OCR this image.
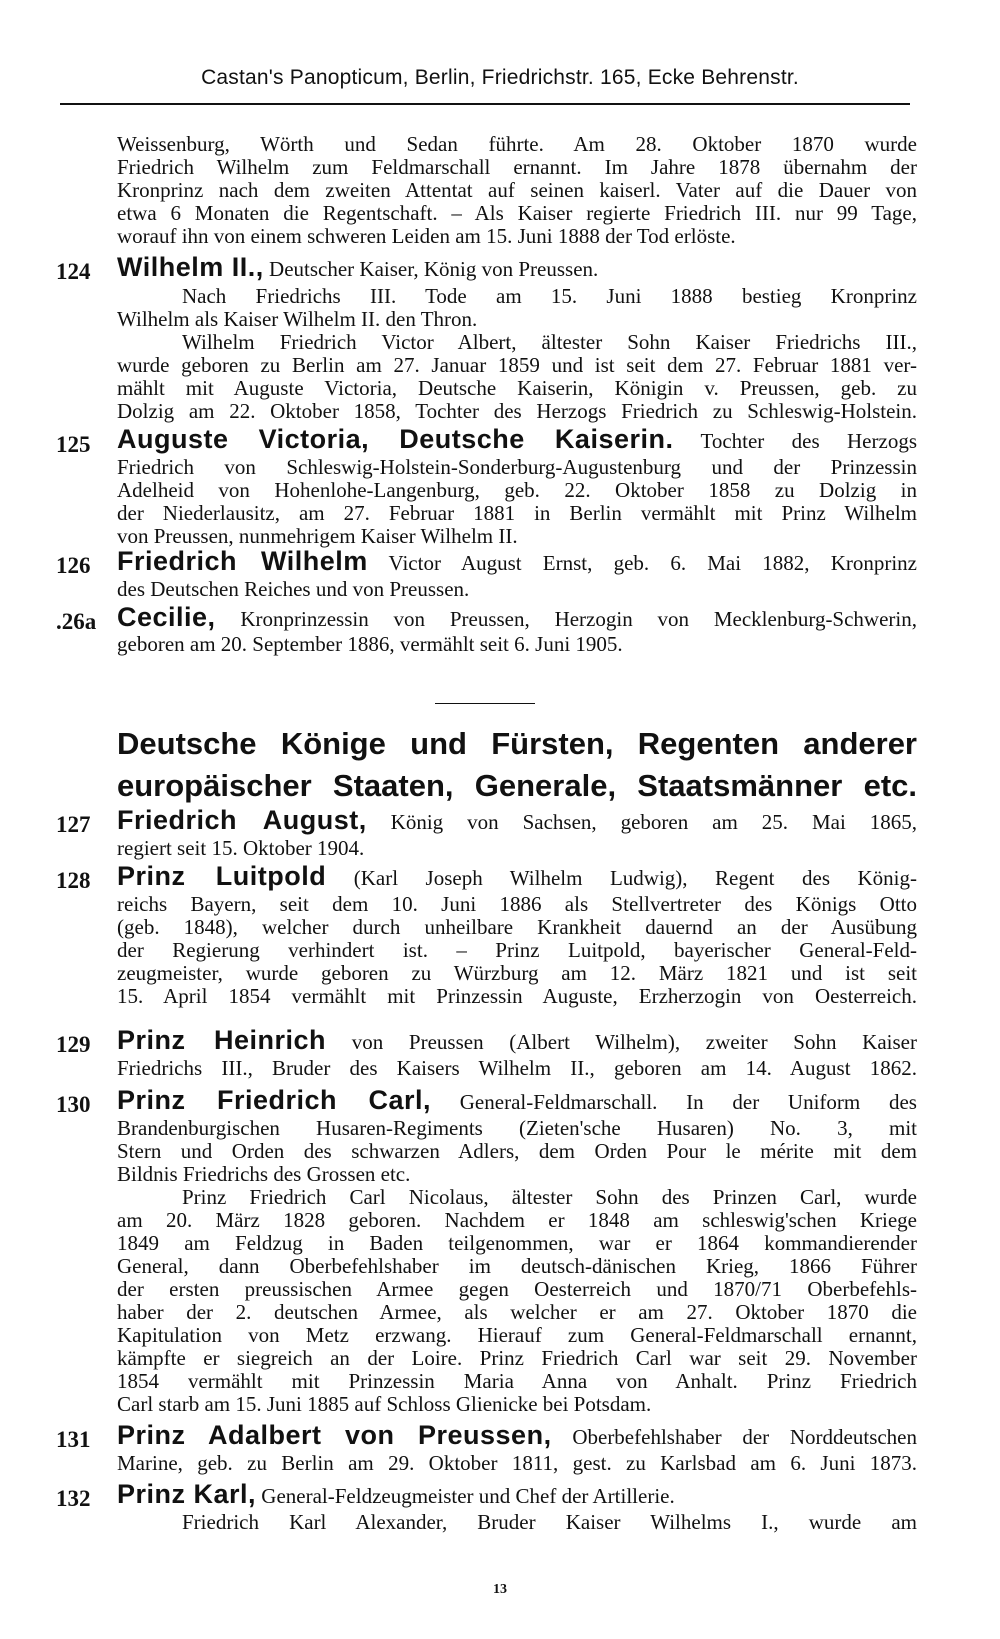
Castan's Panopticum, Berlin, Friedrichstr. 165, Ecke Behrenstr.
Weissenburg, Wörth und Sedan führte. Am 28. Oktober 1870 wurde
Friedrich Wilhelm zum Feldmarschall ernannt. Im Jahre 1878 übernahm der
Kronprinz nach dem zweiten Attentat auf seinen kaiserl. Vater auf die Dauer von
etwa 6 Monaten die Regentschaft. – Als Kaiser regierte Friedrich III. nur 99 Tage,
worauf ihn von einem schweren Leiden am 15. Juni 1888 der Tod erlöste.
124 Wilhelm II., Deutscher Kaiser, König von Preussen.
Nach Friedrichs III. Tode am 15. Juni 1888 bestieg Kronprinz
Wilhelm als Kaiser Wilhelm II. den Thron.
Wilhelm Friedrich Victor Albert, ältester Sohn Kaiser Friedrichs III.,
wurde geboren zu Berlin am 27. Januar 1859 und ist seit dem 27. Februar 1881 ver-
mählt mit Auguste Victoria, Deutsche Kaiserin, Königin v. Preussen, geb. zu
Dolzig am 22. Oktober 1858, Tochter des Herzogs Friedrich zu Schleswig-Holstein.
125 Auguste Victoria, Deutsche Kaiserin. Tochter des Herzogs
Friedrich von Schleswig-Holstein-Sonderburg-Augustenburg und der Prinzessin
Adelheid von Hohenlohe-Langenburg, geb. 22. Oktober 1858 zu Dolzig in
der Niederlausitz, am 27. Februar 1881 in Berlin vermählt mit Prinz Wilhelm
von Preussen, nunmehrigem Kaiser Wilhelm II.
126 Friedrich Wilhelm Victor August Ernst, geb. 6. Mai 1882, Kronprinz
des Deutschen Reiches und von Preussen.
.26a Cecilie, Kronprinzessin von Preussen, Herzogin von Mecklenburg-Schwerin,
geboren am 20. September 1886, vermählt seit 6. Juni 1905.
Deutsche Könige und Fürsten, Regenten anderer
europäischer Staaten, Generale, Staatsmänner etc.
127 Friedrich August, König von Sachsen, geboren am 25. Mai 1865,
regiert seit 15. Oktober 1904.
128 Prinz Luitpold (Karl Joseph Wilhelm Ludwig), Regent des König-
reichs Bayern, seit dem 10. Juni 1886 als Stellvertreter des Königs Otto
(geb. 1848), welcher durch unheilbare Krankheit dauernd an der Ausübung
der Regierung verhindert ist. – Prinz Luitpold, bayerischer General-Feld-
zeugmeister, wurde geboren zu Würzburg am 12. März 1821 und ist seit
15. April 1854 vermählt mit Prinzessin Auguste, Erzherzogin von Oesterreich.
129 Prinz Heinrich von Preussen (Albert Wilhelm), zweiter Sohn Kaiser
Friedrichs III., Bruder des Kaisers Wilhelm II., geboren am 14. August 1862.
130 Prinz Friedrich Carl, General-Feldmarschall. In der Uniform des
Brandenburgischen Husaren-Regiments (Zieten'sche Husaren) No. 3, mit
Stern und Orden des schwarzen Adlers, dem Orden Pour le mérite mit dem
Bildnis Friedrichs des Grossen etc.
Prinz Friedrich Carl Nicolaus, ältester Sohn des Prinzen Carl, wurde
am 20. März 1828 geboren. Nachdem er 1848 am schleswig'schen Kriege
1849 am Feldzug in Baden teilgenommen, war er 1864 kommandierender
General, dann Oberbefehlshaber im deutsch-dänischen Krieg, 1866 Führer
der ersten preussischen Armee gegen Oesterreich und 1870/71 Oberbefehls-
haber der 2. deutschen Armee, als welcher er am 27. Oktober 1870 die
Kapitulation von Metz erzwang. Hierauf zum General-Feldmarschall ernannt,
kämpfte er siegreich an der Loire. Prinz Friedrich Carl war seit 29. November
1854 vermählt mit Prinzessin Maria Anna von Anhalt. Prinz Friedrich
Carl starb am 15. Juni 1885 auf Schloss Glienicke bei Potsdam.
131 Prinz Adalbert von Preussen, Oberbefehlshaber der Norddeutschen
Marine, geb. zu Berlin am 29. Oktober 1811, gest. zu Karlsbad am 6. Juni 1873.
132 Prinz Karl, General-Feldzeugmeister und Chef der Artillerie.
Friedrich Karl Alexander, Bruder Kaiser Wilhelms I., wurde am
13
